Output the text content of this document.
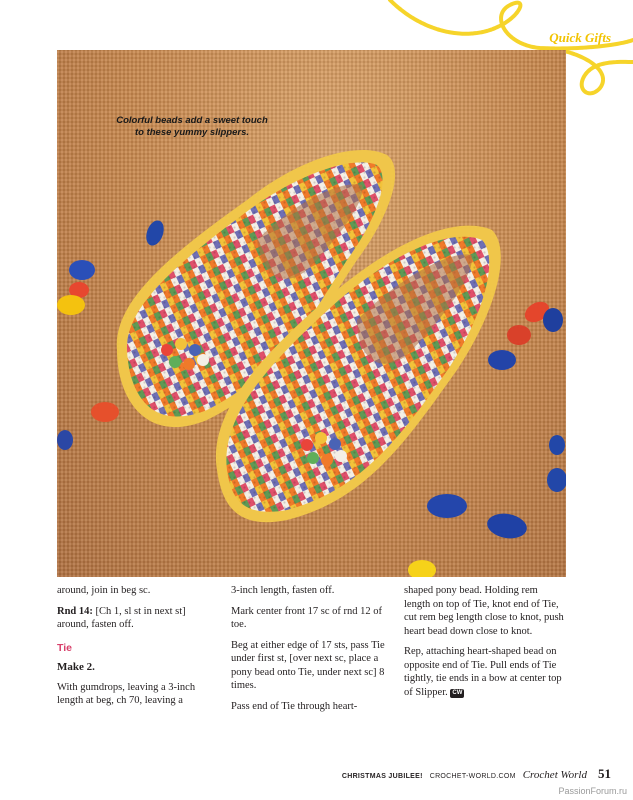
Quick Gifts
Colorful beads add a sweet touch
to these yummy slippers.

around, join in beg sc.

Rnd 14: [Ch 1, sl st in next st] around, fasten off.

Tie
Make 2.

With gumdrops, leaving a 3-inch length at beg, ch 70, leaving a

3-inch length, fasten off.

Mark center front 17 sc of rnd 12 of toe.

Beg at either edge of 17 sts, pass Tie under first st, [over next sc, place a pony bead onto Tie, under next sc] 8 times.

Pass end of Tie through heart-

shaped pony bead. Holding rem length on top of Tie, knot end of Tie, cut rem beg length close to knot, push heart bead down close to knot.

Rep, attaching heart-shaped bead on opposite end of Tie. Pull ends of Tie tightly, tie ends in a bow at center top of Slipper. CW

CHRISTMAS JUBILEE! CROCHET-WORLD.COM Crochet World 51
PassionForum.ru
